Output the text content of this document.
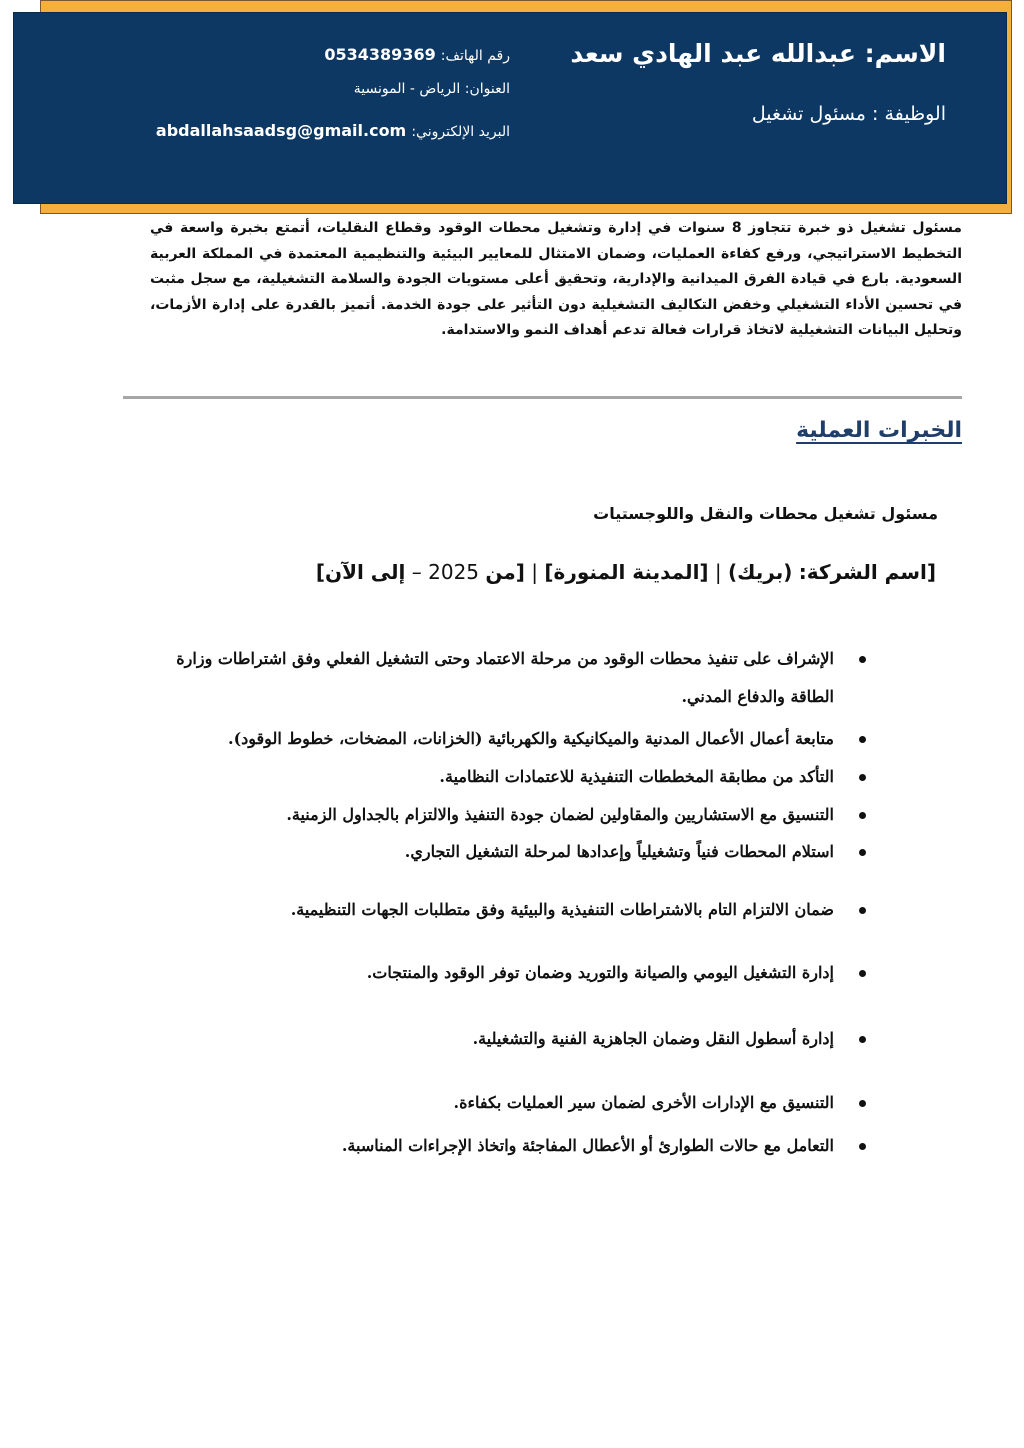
الاسم: عبدالله عبد الهادي سعد
الوظيفة : مسئول تشغيل
رقم الهاتف: 0534389369
العنوان: الرياض - المونسية
البريد الإلكتروني: abdallahsaadsg@gmail.com

مسئول تشغيل ذو خبرة تتجاوز 8 سنوات في إدارة وتشغيل محطات الوقود وقطاع النقليات، أتمتع بخبرة واسعة في التخطيط الاستراتيجي، ورفع كفاءة العمليات، وضمان الامتثال للمعايير البيئية والتنظيمية المعتمدة في المملكة العربية السعودية. بارع في قيادة الفرق الميدانية والإدارية، وتحقيق أعلى مستويات الجودة والسلامة التشغيلية، مع سجل مثبت في تحسين الأداء التشغيلي وخفض التكاليف التشغيلية دون التأثير على جودة الخدمة. أتميز بالقدرة على إدارة الأزمات، وتحليل البيانات التشغيلية لاتخاذ قرارات فعالة تدعم أهداف النمو والاستدامة.

الخبرات العملية
مسئول تشغيل محطات والنقل واللوجستيات
[اسم الشركة: (بريك) | [المدينة المنورة] | [من 2025 – إلى الآن]
الإشراف على تنفيذ محطات الوقود من مرحلة الاعتماد وحتى التشغيل الفعلي وفق اشتراطات وزارة الطاقة والدفاع المدني.
متابعة أعمال الأعمال المدنية والميكانيكية والكهربائية (الخزانات، المضخات، خطوط الوقود).
التأكد من مطابقة المخططات التنفيذية للاعتمادات النظامية.
التنسيق مع الاستشاريين والمقاولين لضمان جودة التنفيذ والالتزام بالجداول الزمنية.
استلام المحطات فنياً وتشغيلياً وإعدادها لمرحلة التشغيل التجاري.
ضمان الالتزام التام بالاشتراطات التنفيذية والبيئية وفق متطلبات الجهات التنظيمية.
إدارة التشغيل اليومي والصيانة والتوريد وضمان توفر الوقود والمنتجات.
إدارة أسطول النقل وضمان الجاهزية الفنية والتشغيلية.
التنسيق مع الإدارات الأخرى لضمان سير العمليات بكفاءة.
التعامل مع حالات الطوارئ أو الأعطال المفاجئة واتخاذ الإجراءات المناسبة.
